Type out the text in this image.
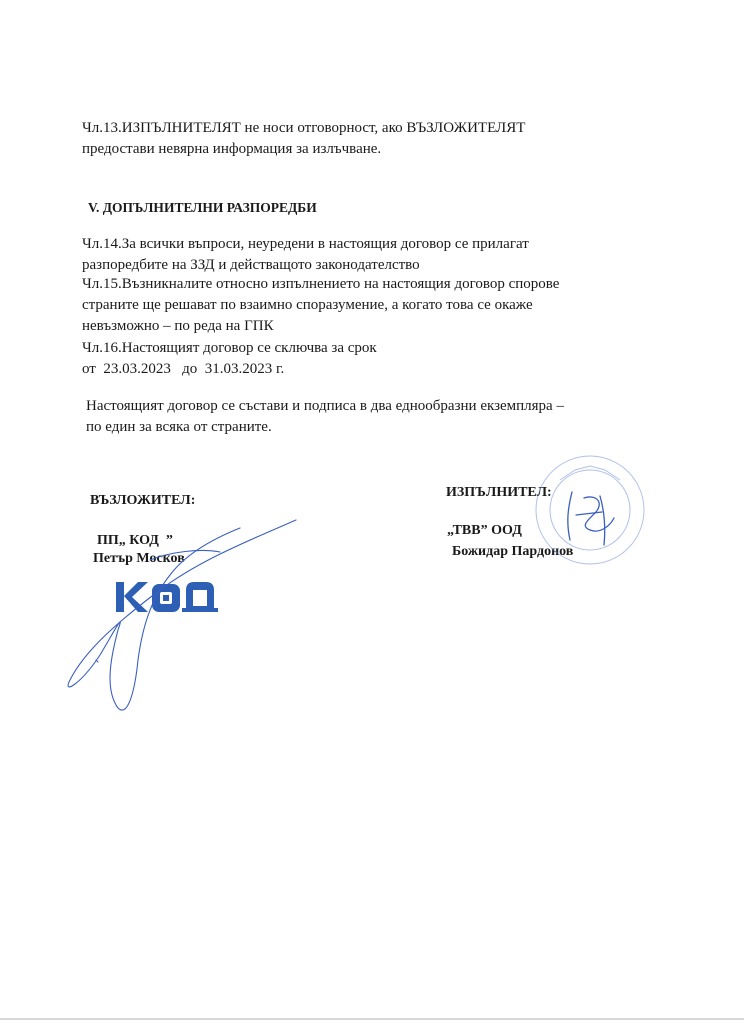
Чл.13.ИЗПЪЛНИТЕЛЯТ не носи отговорност, ако ВЪЗЛОЖИТЕЛЯТ
предостави невярна информация за излъчване.
V. ДОПЪЛНИТЕЛНИ РАЗПОРЕДБИ
Чл.14.За всички въпроси, неуредени в настоящия договор се прилагат
разпоредбите на ЗЗД и действащото законодателство
Чл.15.Възникналите относно изпълнението на настоящия договор спорове
страните ще решават по взаимно споразумение, а когато това се окаже
невъзможно – по реда на ГПК
Чл.16.Настоящият договор се сключва за срок
от  23.03.2023   до  31.03.2023 г.
Настоящият договор се състави и подписа в два еднообразни екземпляра –
по един за всяка от страните.
ВЪЗЛОЖИТЕЛ:
ПП„ КОД  ”
Петър Москов
ИЗПЪЛНИТЕЛ:
„ТВВ” ООД
Божидар Пардонов
